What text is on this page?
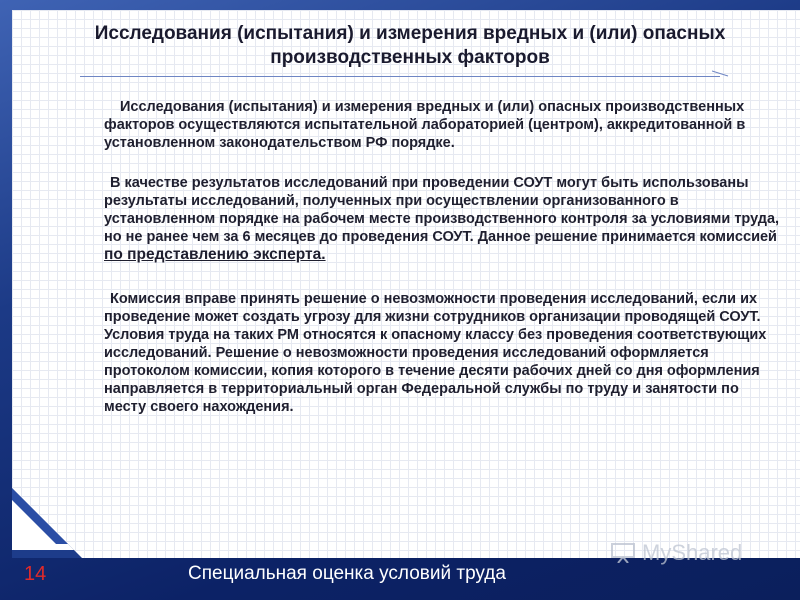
Исследования (испытания) и измерения вредных и (или) опасных производственных факторов

Исследования (испытания) и измерения вредных и (или) опасных производственных факторов осуществляются испытательной лабораторией (центром), аккредитованной в установленном законодательством РФ порядке.

В качестве результатов исследований при проведении СОУТ могут быть использованы результаты исследований, полученных при осуществлении организованного в установленном порядке на рабочем месте производственного контроля за условиями труда, но не ранее чем за 6 месяцев до проведения СОУТ. Данное решение принимается комиссией по представлению эксперта.

Комиссия вправе принять решение о невозможности проведения исследований, если их проведение может создать угрозу для жизни сотрудников организации проводящей СОУТ. Условия труда на таких РМ относятся к опасному классу без проведения соответствующих исследований. Решение о невозможности проведения исследований оформляется протоколом комиссии, копия которого в течение десяти рабочих дней со дня оформления направляется в территориальный орган Федеральной службы по труду и занятости по месту своего нахождения.

14	Специальная оценка условий труда
MyShared
